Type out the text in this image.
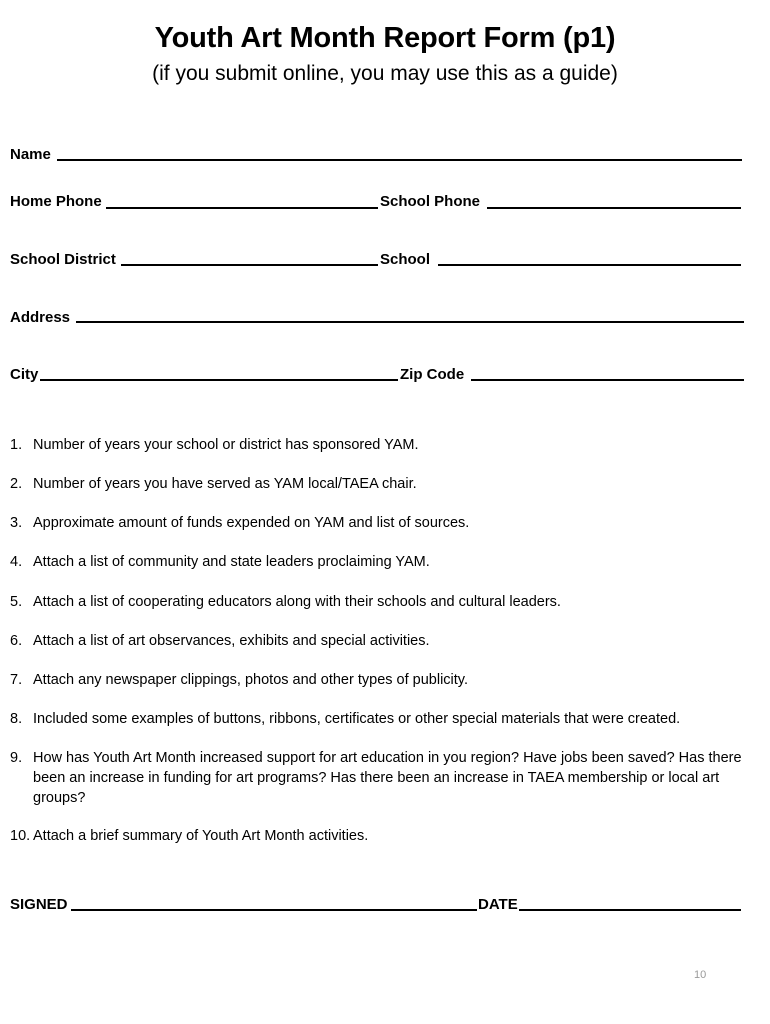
Youth Art Month Report Form (p1)
(if you submit online, you may use this as a guide)
Name
Home Phone	School Phone
School District	School
Address
City	Zip Code
1. Number of years your school or district has sponsored YAM.
2. Number of years you have served as YAM local/TAEA chair.
3. Approximate amount of funds expended on YAM and list of sources.
4. Attach a list of community and state leaders proclaiming YAM.
5. Attach a list of cooperating educators along with their schools and cultural leaders.
6. Attach a list of art observances, exhibits and special activities.
7. Attach any newspaper clippings, photos and other types of publicity.
8. Included some examples of buttons, ribbons, certificates or other special materials that were created.
9. How has Youth Art Month increased support for art education in you region? Have jobs been saved? Has there been an increase in funding for art programs? Has there been an increase in TAEA membership or local art groups?
10. Attach a brief summary of Youth Art Month activities.
SIGNED	DATE
10
